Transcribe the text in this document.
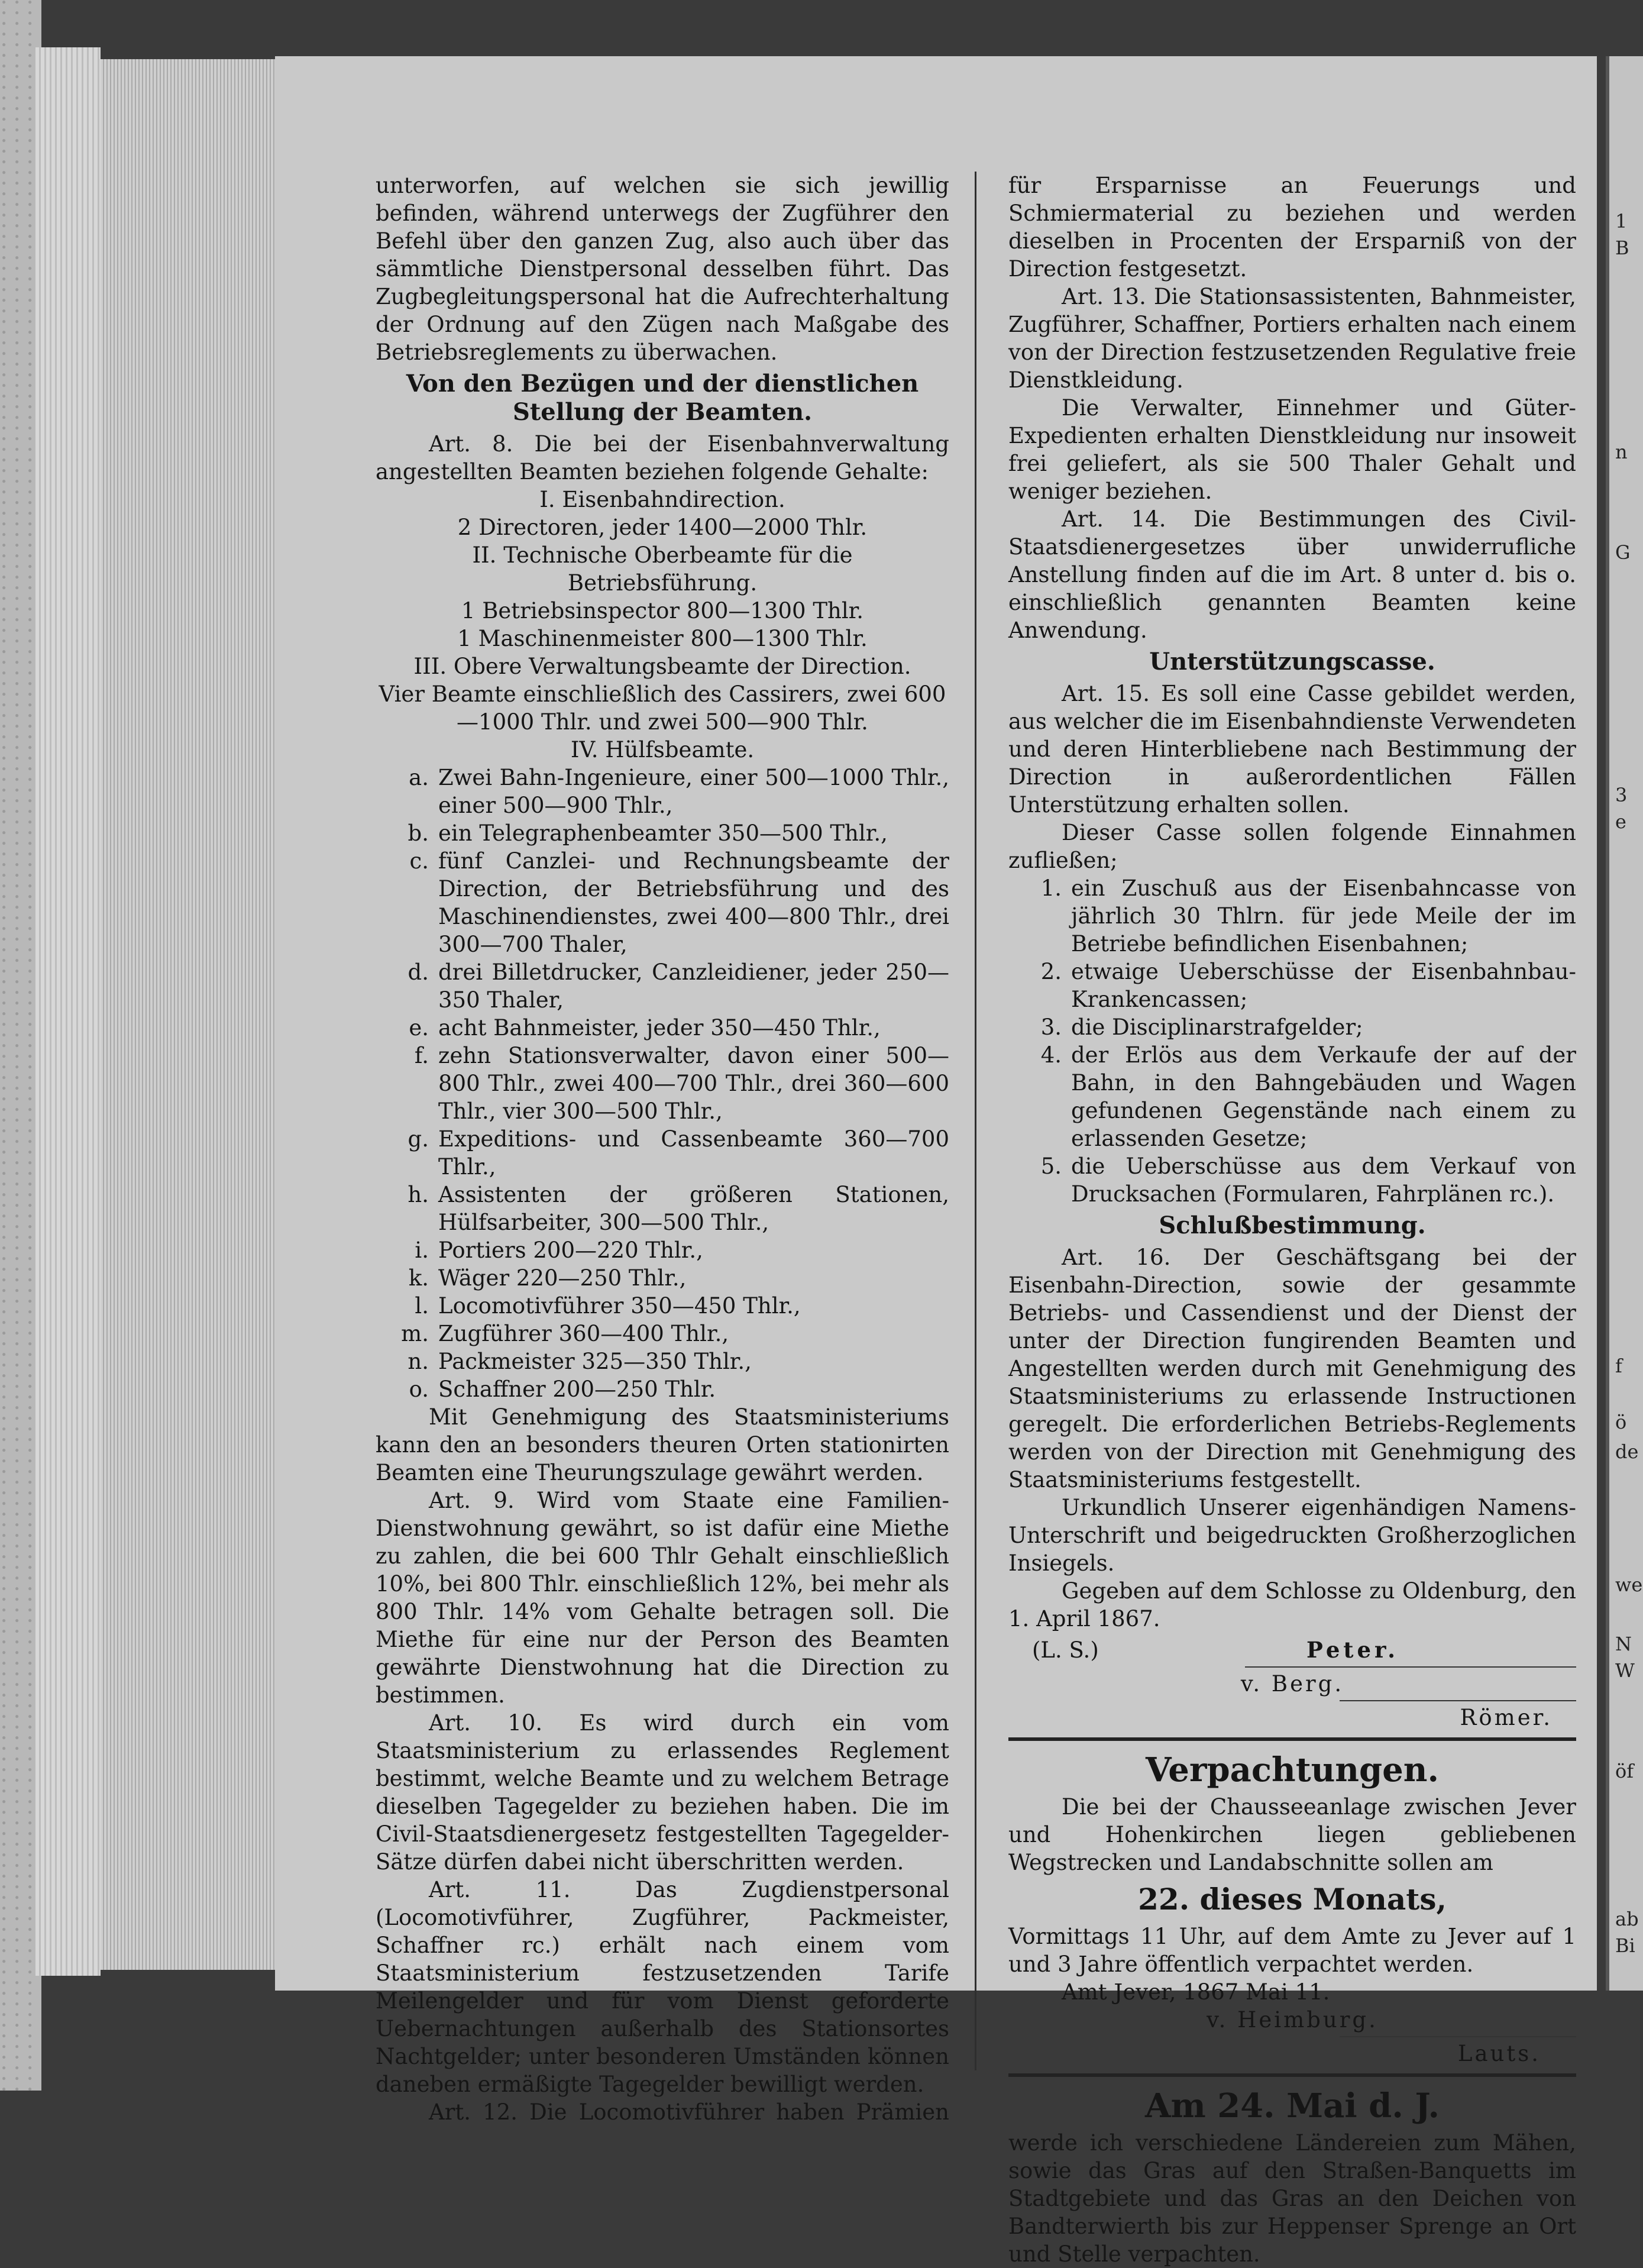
1
B
n
G
3
e
f
ö
de
we
N
W
öf
ab
Bi

unterworfen, auf welchen sie sich jewillig befinden, während unterwegs der Zugführer den Befehl über den ganzen Zug, also auch über das sämmtliche Dienstpersonal desselben führt. Das Zugbegleitungspersonal hat die Aufrechterhaltung der Ordnung auf den Zügen nach Maßgabe des Betriebsreglements zu überwachen.

Von den Bezügen und der dienstlichen Stellung der Beamten.

Art. 8. Die bei der Eisenbahnverwaltung angestellten Beamten beziehen folgende Gehalte:

I. Eisenbahndirection.

2 Directoren, jeder 1400—2000 Thlr.

II. Technische Oberbeamte für die Betriebsführung.

1 Betriebsinspector 800—1300 Thlr.

1 Maschinenmeister 800—1300 Thlr.

III. Obere Verwaltungsbeamte der Direction.

Vier Beamte einschließlich des Cassirers, zwei 600—1000 Thlr. und zwei 500—900 Thlr.

IV. Hülfsbeamte.

a. Zwei Bahn-Ingenieure, einer 500—1000 Thlr., einer 500—900 Thlr.,
b. ein Telegraphenbeamter 350—500 Thlr.,
c. fünf Canzlei- und Rechnungsbeamte der Direction, der Betriebsführung und des Maschinendienstes, zwei 400—800 Thlr., drei 300—700 Thaler,
d. drei Billetdrucker, Canzleidiener, jeder 250—350 Thaler,
e. acht Bahnmeister, jeder 350—450 Thlr.,
f. zehn Stationsverwalter, davon einer 500—800 Thlr., zwei 400—700 Thlr., drei 360—600 Thlr., vier 300—500 Thlr.,
g. Expeditions- und Cassenbeamte 360—700 Thlr.,
h. Assistenten der größeren Stationen, Hülfsarbeiter, 300—500 Thlr.,
i. Portiers 200—220 Thlr.,
k. Wäger 220—250 Thlr.,
l. Locomotivführer 350—450 Thlr.,
m. Zugführer 360—400 Thlr.,
n. Packmeister 325—350 Thlr.,
o. Schaffner 200—250 Thlr.

Mit Genehmigung des Staatsministeriums kann den an besonders theuren Orten stationirten Beamten eine Theurungszulage gewährt werden.

Art. 9. Wird vom Staate eine Familien-Dienstwohnung gewährt, so ist dafür eine Miethe zu zahlen, die bei 600 Thlr Gehalt einschließlich 10%, bei 800 Thlr. einschließlich 12%, bei mehr als 800 Thlr. 14% vom Gehalte betragen soll. Die Miethe für eine nur der Person des Beamten gewährte Dienstwohnung hat die Direction zu bestimmen.

Art. 10. Es wird durch ein vom Staatsministerium zu erlassendes Reglement bestimmt, welche Beamte und zu welchem Betrage dieselben Tagegelder zu beziehen haben. Die im Civil-Staatsdienergesetz festgestellten Tagegelder-Sätze dürfen dabei nicht überschritten werden.

Art. 11. Das Zugdienstpersonal (Locomotivführer, Zugführer, Packmeister, Schaffner rc.) erhält nach einem vom Staatsministerium festzusetzenden Tarife Meilengelder und für vom Dienst geforderte Uebernachtungen außerhalb des Stationsortes Nachtgelder; unter besonderen Umständen können daneben ermäßigte Tagegelder bewilligt werden.

Art. 12. Die Locomotivführer haben Prämien

für Ersparnisse an Feuerungs und Schmiermaterial zu beziehen und werden dieselben in Procenten der Ersparniß von der Direction festgesetzt.

Art. 13. Die Stationsassistenten, Bahnmeister, Zugführer, Schaffner, Portiers erhalten nach einem von der Direction festzusetzenden Regulative freie Dienstkleidung.

Die Verwalter, Einnehmer und Güter-Expedienten erhalten Dienstkleidung nur insoweit frei geliefert, als sie 500 Thaler Gehalt und weniger beziehen.

Art. 14. Die Bestimmungen des Civil-Staatsdienergesetzes über unwiderrufliche Anstellung finden auf die im Art. 8 unter d. bis o. einschließlich genannten Beamten keine Anwendung.

Unterstützungscasse.

Art. 15. Es soll eine Casse gebildet werden, aus welcher die im Eisenbahndienste Verwendeten und deren Hinterbliebene nach Bestimmung der Direction in außerordentlichen Fällen Unterstützung erhalten sollen.

Dieser Casse sollen folgende Einnahmen zufließen;

1. ein Zuschuß aus der Eisenbahncasse von jährlich 30 Thlrn. für jede Meile der im Betriebe befindlichen Eisenbahnen;
2. etwaige Ueberschüsse der Eisenbahnbau-Krankencassen;
3. die Disciplinarstrafgelder;
4. der Erlös aus dem Verkaufe der auf der Bahn, in den Bahngebäuden und Wagen gefundenen Gegenstände nach einem zu erlassenden Gesetze;
5. die Ueberschüsse aus dem Verkauf von Drucksachen (Formularen, Fahrplänen rc.).
Schlußbestimmung.

Art. 16. Der Geschäftsgang bei der Eisenbahn-Direction, sowie der gesammte Betriebs- und Cassendienst und der Dienst der unter der Direction fungirenden Beamten und Angestellten werden durch mit Genehmigung des Staatsministeriums zu erlassende Instructionen geregelt. Die erforderlichen Betriebs-Reglements werden von der Direction mit Genehmigung des Staatsministeriums festgestellt.

Urkundlich Unserer eigenhändigen Namens-Unterschrift und beigedruckten Großherzoglichen Insiegels.

Gegeben auf dem Schlosse zu Oldenburg, den 1. April 1867.

(L. S.)	Peter.
v. Berg.
Römer.
Verpachtungen.

Die bei der Chausseeanlage zwischen Jever und Hohenkirchen liegen gebliebenen Wegstrecken und Landabschnitte sollen am

22. dieses Monats,

Vormittags 11 Uhr, auf dem Amte zu Jever auf 1 und 3 Jahre öffentlich verpachtet werden.

Amt Jever, 1867 Mai 11.

v. Heimburg.
Lauts.
Am 24. Mai d. J.

werde ich verschiedene Ländereien zum Mähen, sowie das Gras auf den Straßen-Banquetts im Stadtgebiete und das Gras an den Deichen von Bandterwierth bis zur Heppenser Sprenge an Ort und Stelle verpachten.
